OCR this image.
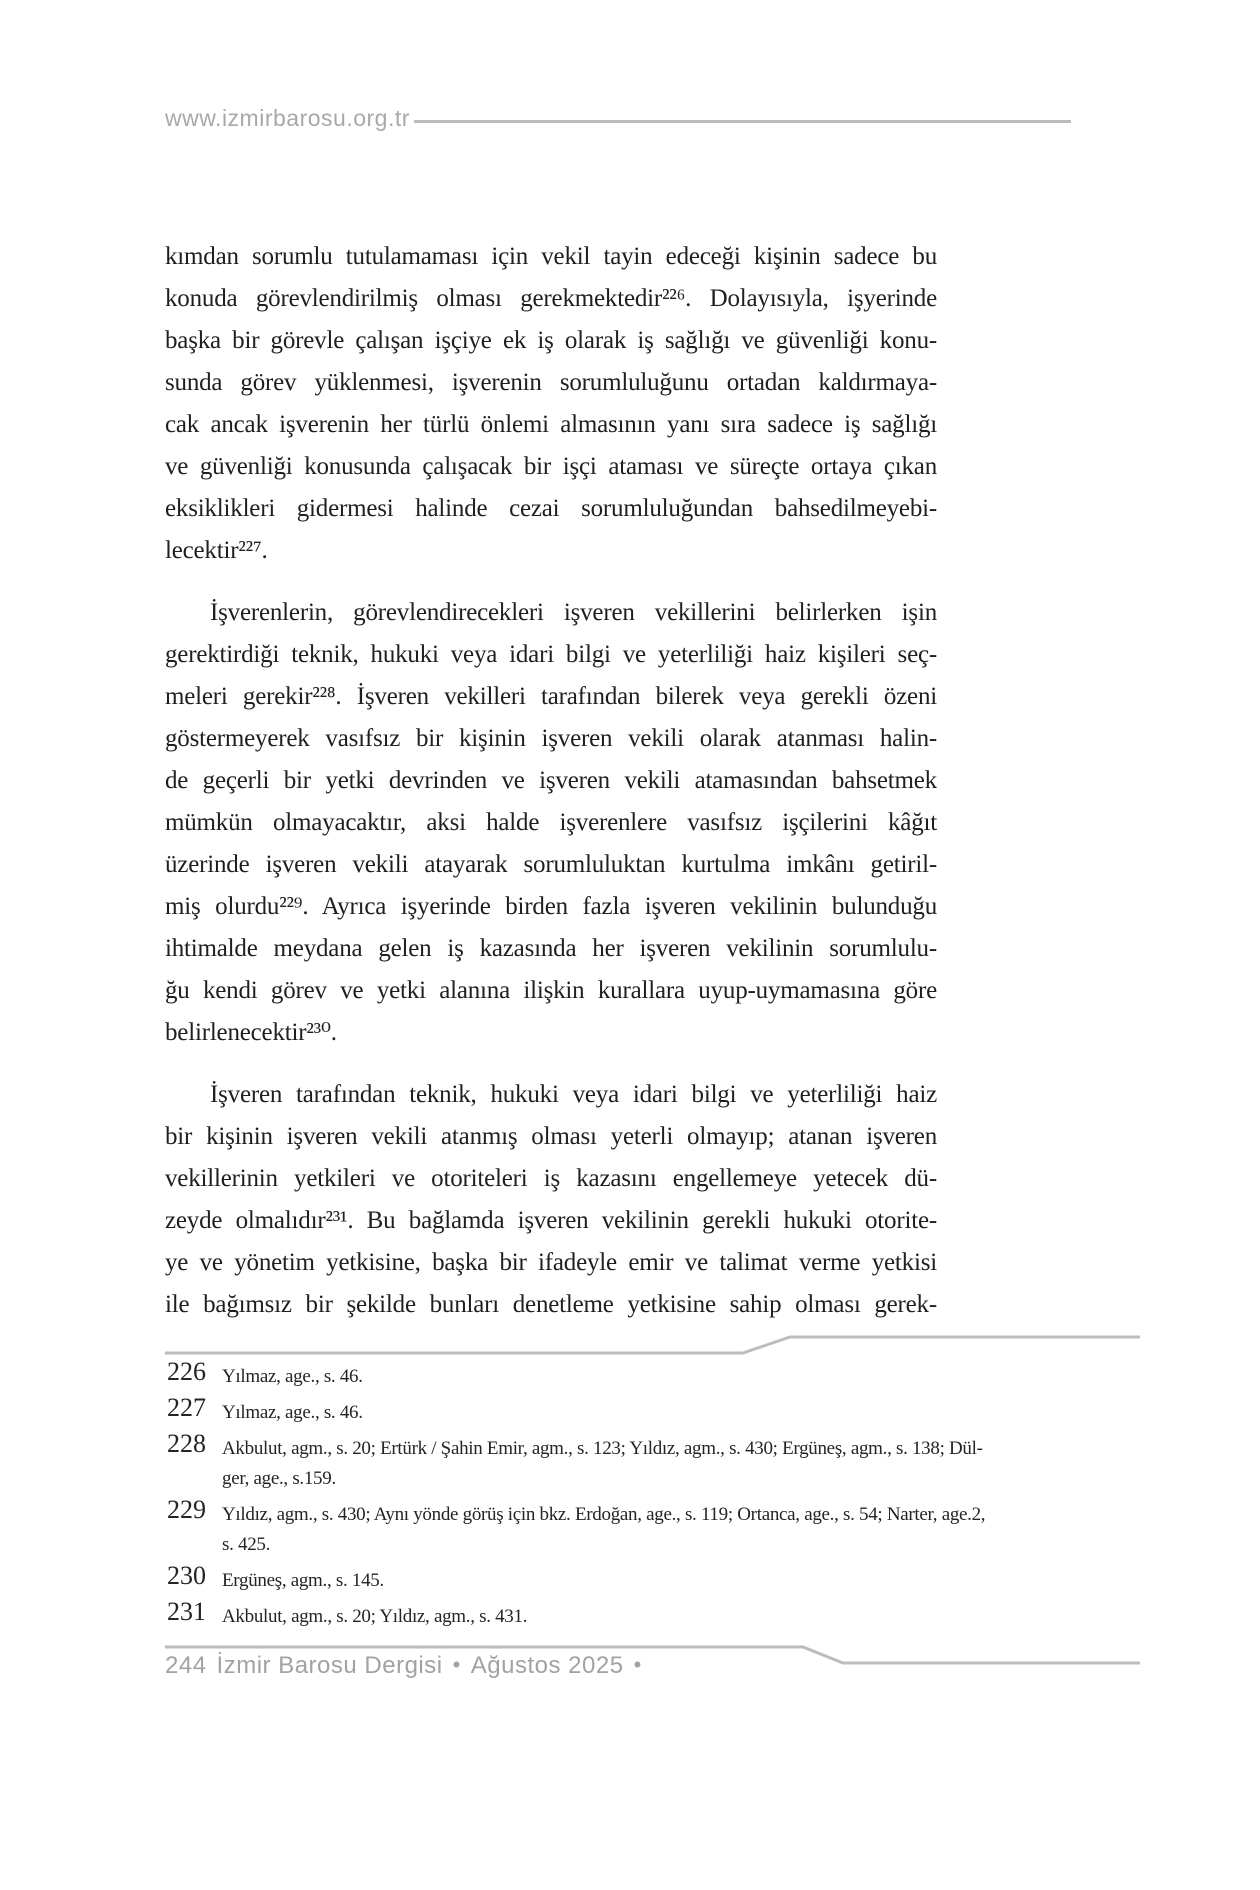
www.izmirbarosu.org.tr
kımdan sorumlu tutulamaması için vekil tayin edeceği kişinin sadece bu
konuda görevlendirilmiş olması gerekmektedir²²⁶. Dolayısıyla, işyerinde
başka bir görevle çalışan işçiye ek iş olarak iş sağlığı ve güvenliği konu-
sunda görev yüklenmesi, işverenin sorumluluğunu ortadan kaldırmaya-
cak ancak işverenin her türlü önlemi almasının yanı sıra sadece iş sağlığı
ve güvenliği konusunda çalışacak bir işçi ataması ve süreçte ortaya çıkan
eksiklikleri gidermesi halinde cezai sorumluluğundan bahsedilmeyebi-
lecektir²²⁷.
İşverenlerin, görevlendirecekleri işveren vekillerini belirlerken işin
gerektirdiği teknik, hukuki veya idari bilgi ve yeterliliği haiz kişileri seç-
meleri gerekir²²⁸. İşveren vekilleri tarafından bilerek veya gerekli özeni
göstermeyerek vasıfsız bir kişinin işveren vekili olarak atanması halin-
de geçerli bir yetki devrinden ve işveren vekili atamasından bahsetmek
mümkün olmayacaktır, aksi halde işverenlere vasıfsız işçilerini kâğıt
üzerinde işveren vekili atayarak sorumluluktan kurtulma imkânı getiril-
miş olurdu²²⁹. Ayrıca işyerinde birden fazla işveren vekilinin bulunduğu
ihtimalde meydana gelen iş kazasında her işveren vekilinin sorumlulu-
ğu kendi görev ve yetki alanına ilişkin kurallara uyup-uymamasına göre
belirlenecektir²³⁰.
İşveren tarafından teknik, hukuki veya idari bilgi ve yeterliliği haiz
bir kişinin işveren vekili atanmış olması yeterli olmayıp; atanan işveren
vekillerinin yetkileri ve otoriteleri iş kazasını engellemeye yetecek dü-
zeyde olmalıdır²³¹. Bu bağlamda işveren vekilinin gerekli hukuki otorite-
ye ve yönetim yetkisine, başka bir ifadeyle emir ve talimat verme yetkisi
ile bağımsız bir şekilde bunları denetleme yetkisine sahip olması gerek-
226 Yılmaz, age., s. 46.
227 Yılmaz, age., s. 46.
228 Akbulut, agm., s. 20; Ertürk / Şahin Emir, agm., s. 123; Yıldız, agm., s. 430; Ergüneş, agm., s. 138; Dül-
ger, age., s.159.
229 Yıldız, agm., s. 430; Aynı yönde görüş için bkz. Erdoğan, age., s. 119; Ortanca, age., s. 54; Narter, age.2,
s. 425.
230 Ergüneş, agm., s. 145.
231 Akbulut, agm., s. 20; Yıldız, agm., s. 431.
244 İzmir Barosu Dergisi • Ağustos 2025 •
